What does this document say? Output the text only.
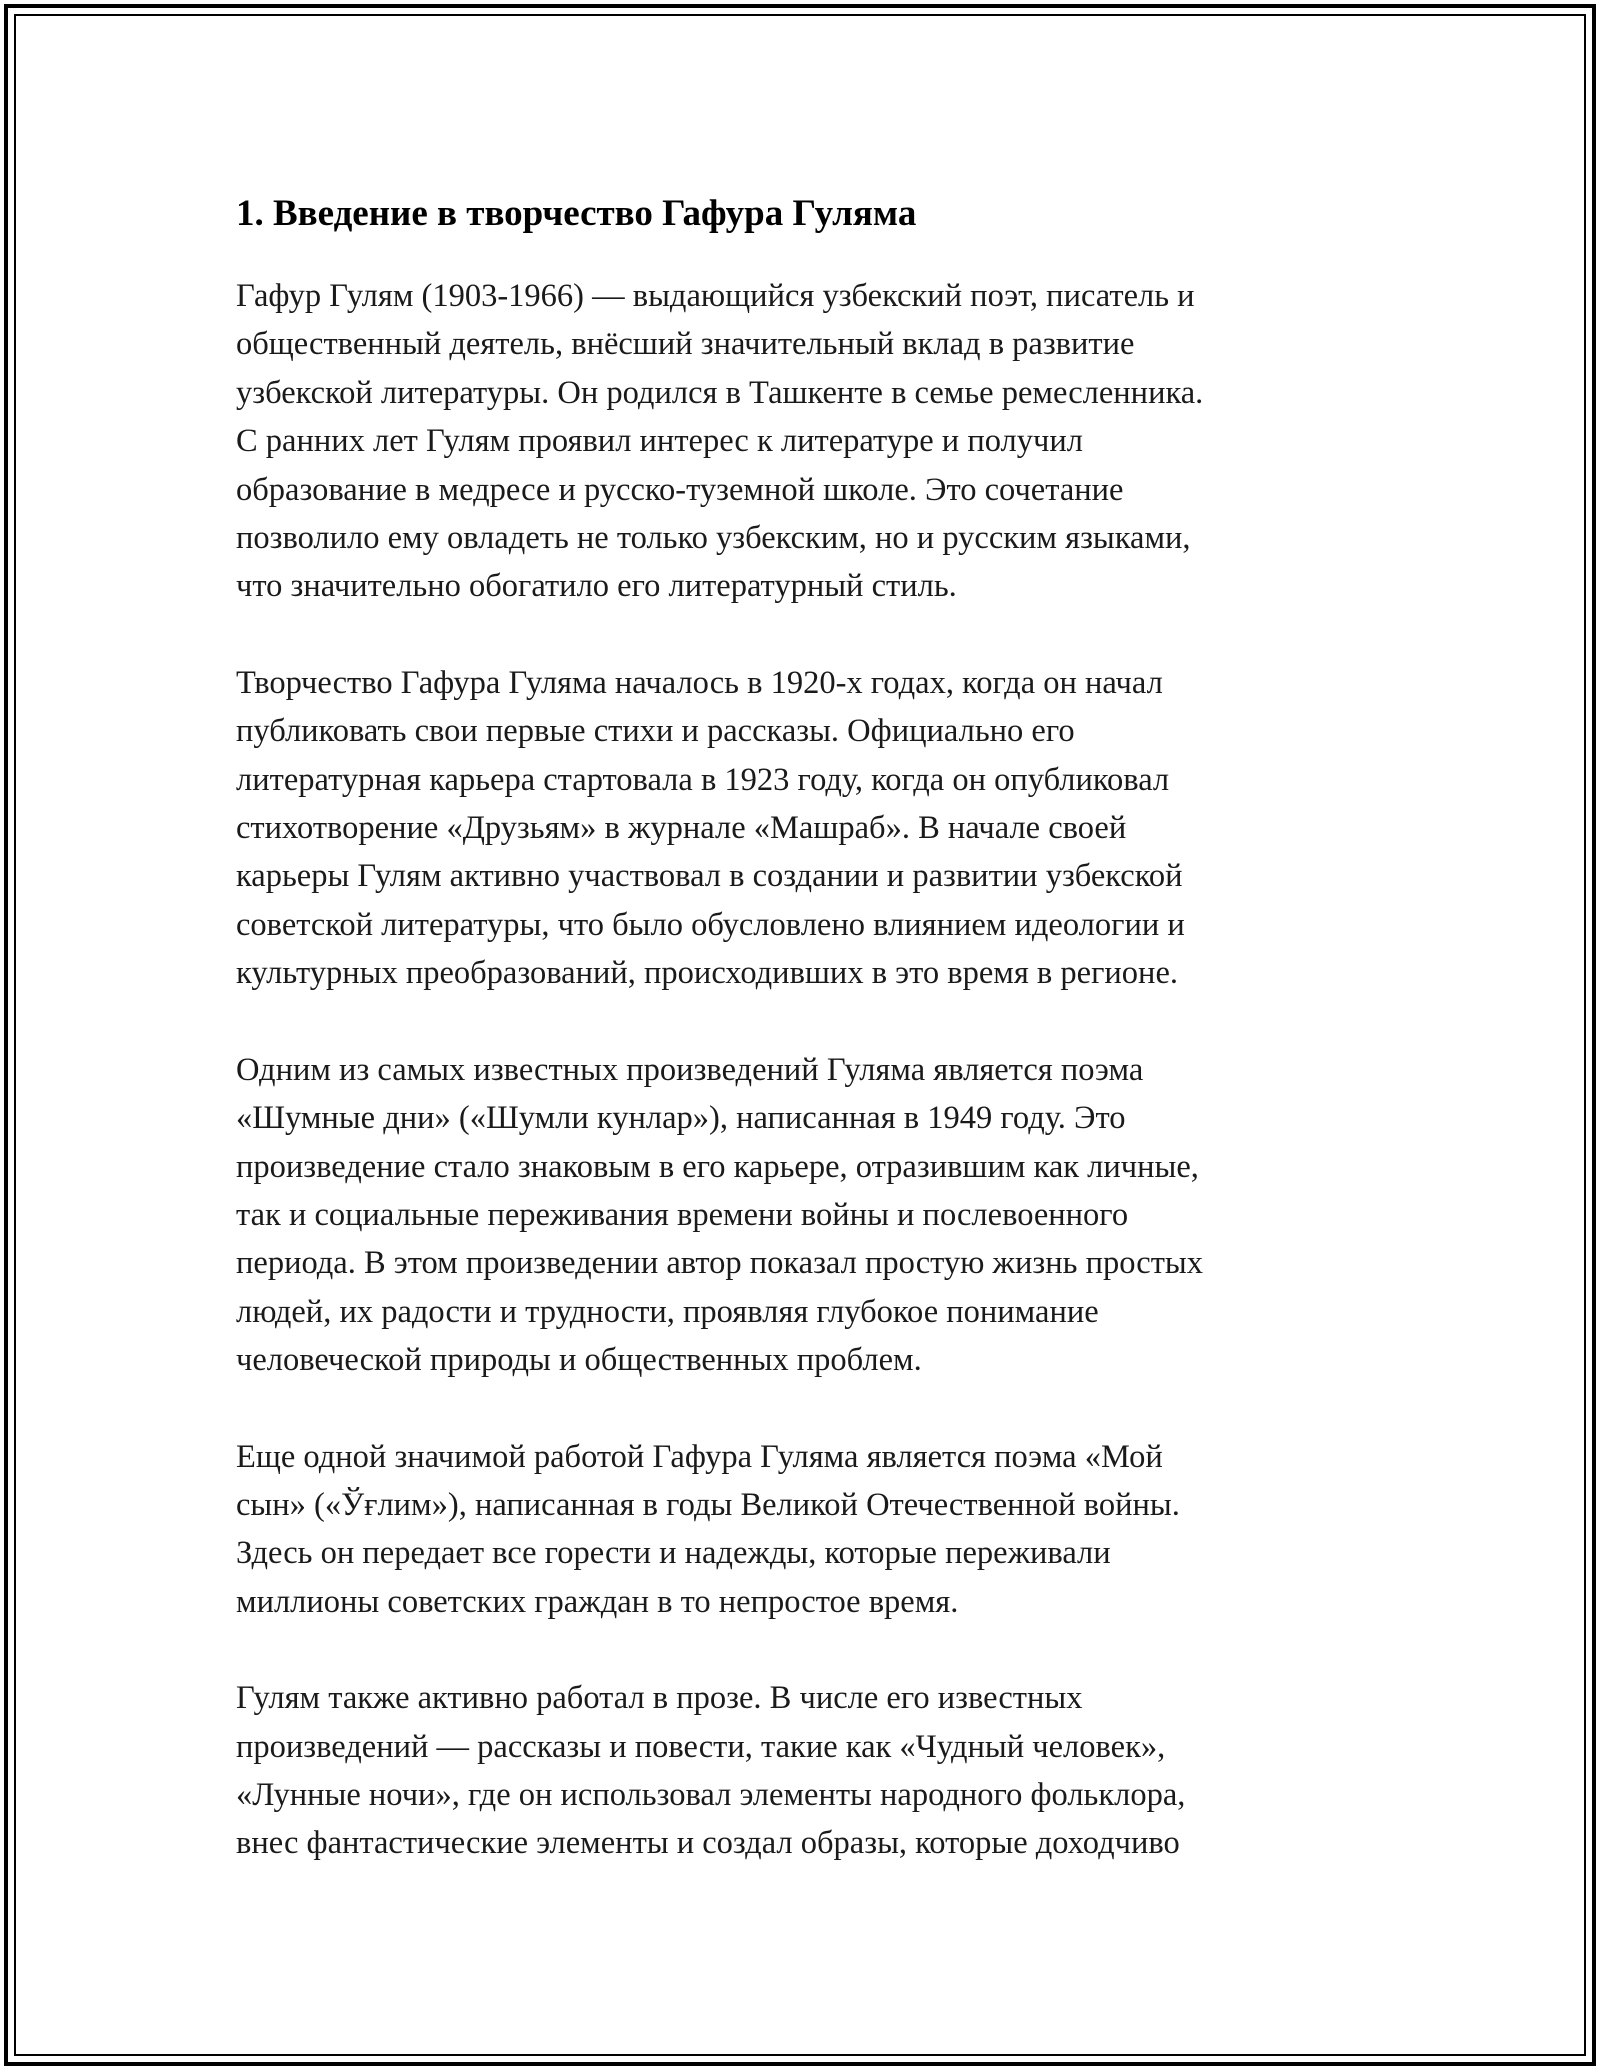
1. Введение в творчество Гафура Гуляма

Гафур Гулям (1903-1966) — выдающийся узбекский поэт, писатель и
общественный деятель, внёсший значительный вклад в развитие
узбекской литературы. Он родился в Ташкенте в семье ремесленника.
С ранних лет Гулям проявил интерес к литературе и получил
образование в медресе и русско-туземной школе. Это сочетание
позволило ему овладеть не только узбекским, но и русским языками,
что значительно обогатило его литературный стиль.

Творчество Гафура Гуляма началось в 1920-х годах, когда он начал
публиковать свои первые стихи и рассказы. Официально его
литературная карьера стартовала в 1923 году, когда он опубликовал
стихотворение «Друзьям» в журнале «Машраб». В начале своей
карьеры Гулям активно участвовал в создании и развитии узбекской
советской литературы, что было обусловлено влиянием идеологии и
культурных преобразований, происходивших в это время в регионе.

Одним из самых известных произведений Гуляма является поэма
«Шумные дни» («Шумли кунлар»), написанная в 1949 году. Это
произведение стало знаковым в его карьере, отразившим как личные,
так и социальные переживания времени войны и послевоенного
периода. В этом произведении автор показал простую жизнь простых
людей, их радости и трудности, проявляя глубокое понимание
человеческой природы и общественных проблем.

Еще одной значимой работой Гафура Гуляма является поэма «Мой
сын» («Ўғлим»), написанная в годы Великой Отечественной войны.
Здесь он передает все горести и надежды, которые переживали
миллионы советских граждан в то непростое время.

Гулям также активно работал в прозе. В числе его известных
произведений — рассказы и повести, такие как «Чудный человек»,
«Лунные ночи», где он использовал элементы народного фольклора,
внес фантастические элементы и создал образы, которые доходчиво
